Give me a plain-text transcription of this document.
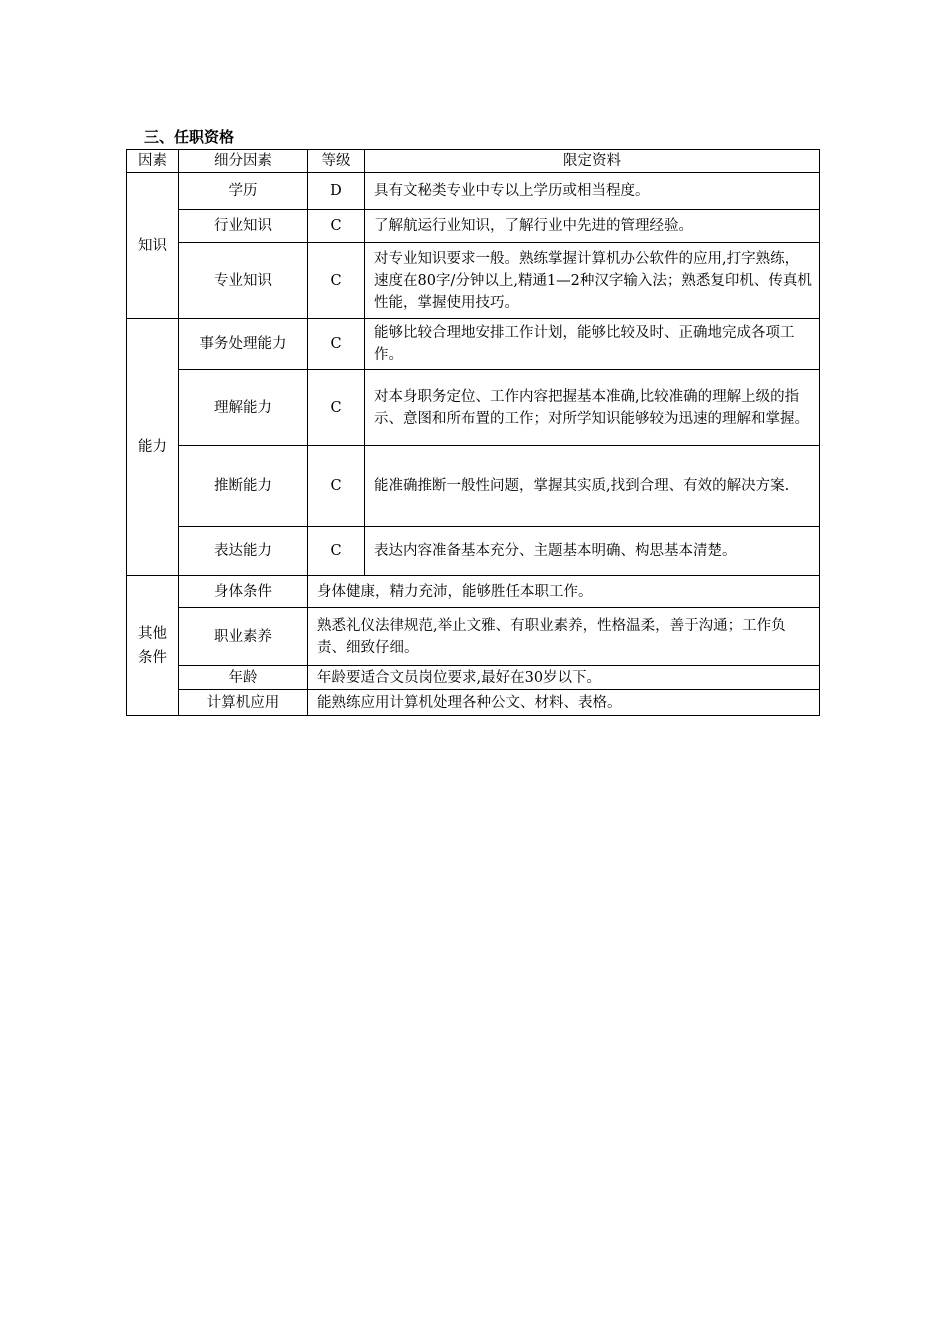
三、任职资格
因素	细分因素	等级	限定资料
知识	学历	D	具有文秘类专业中专以上学历或相当程度。
	行业知识	C	了解航运行业知识，了解行业中先进的管理经验。
	专业知识	C	对专业知识要求一般。熟练掌握计算机办公软件的应用,打字熟练，速度在80字/分钟以上,精通1—2种汉字输入法；熟悉复印机、传真机性能，掌握使用技巧。
能力	事务处理能力	C	能够比较合理地安排工作计划，能够比较及时、正确地完成各项工作。
	理解能力	C	对本身职务定位、工作内容把握基本准确,比较准确的理解上级的指示、意图和所布置的工作；对所学知识能够较为迅速的理解和掌握。
	推断能力	C	能准确推断一般性问题，掌握其实质,找到合理、有效的解决方案.
	表达能力	C	表达内容准备基本充分、主题基本明确、构思基本清楚。
其他条件	身体条件	身体健康，精力充沛，能够胜任本职工作。	
	职业素养	熟悉礼仪法律规范,举止文雅、有职业素养，性格温柔，善于沟通；工作负责、细致仔细。	
	年龄	年龄要适合文员岗位要求,最好在30岁以下。	
	计算机应用	能熟练应用计算机处理各种公文、材料、表格。	
